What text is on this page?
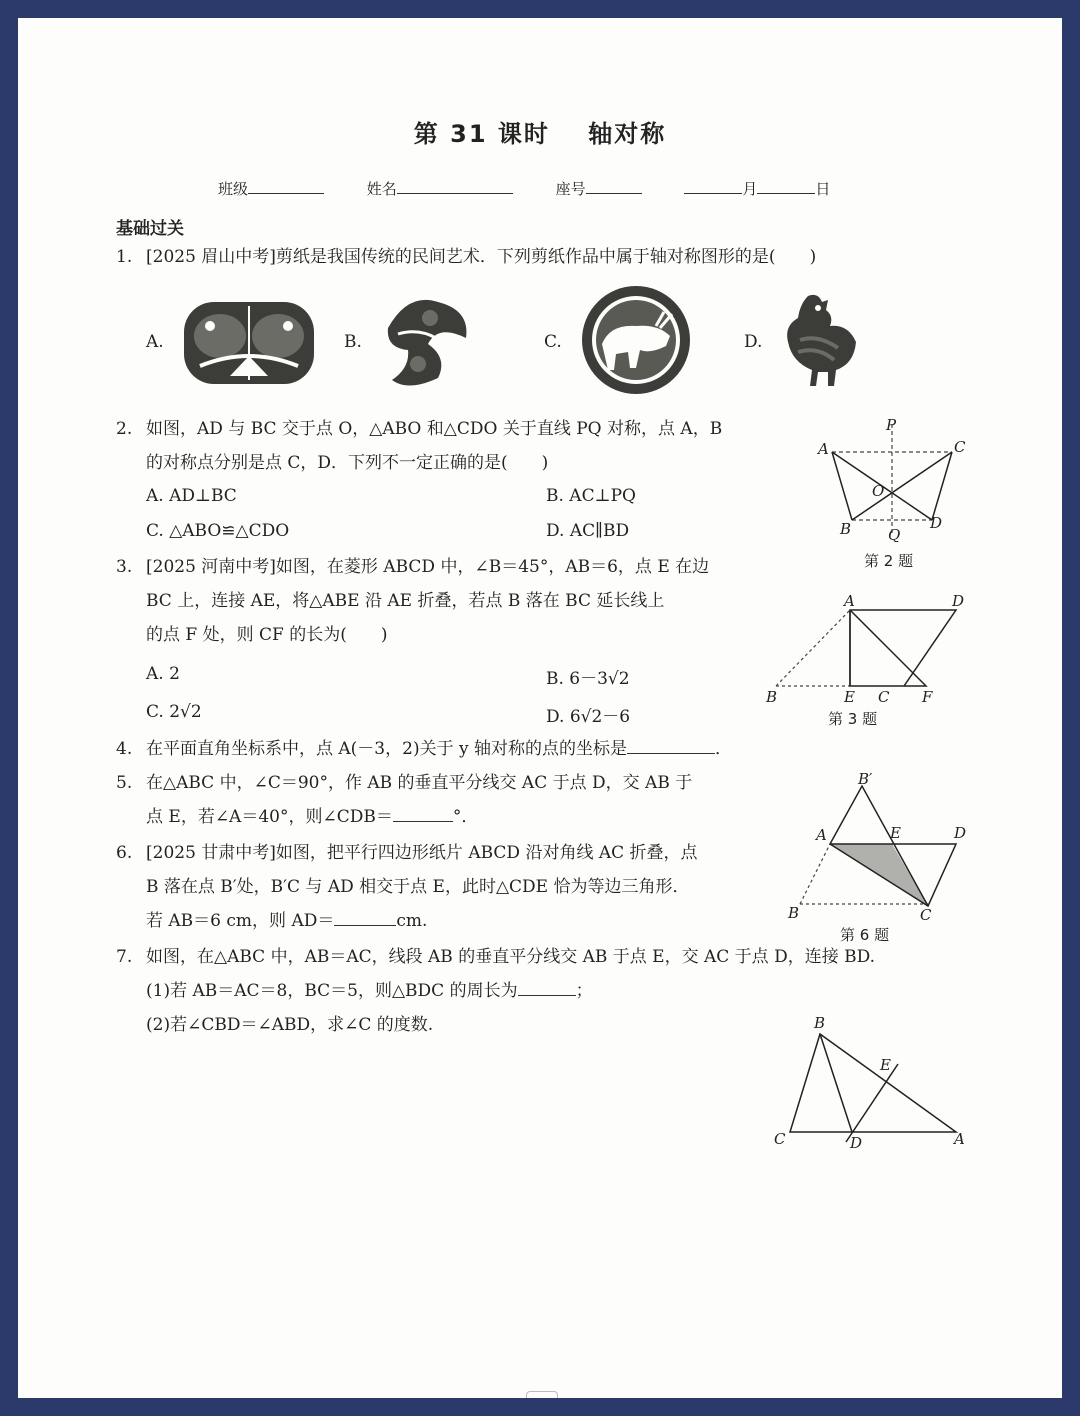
第 31 课时 轴对称
班级	姓名	座号	月	日
基础过关
1. [2025 眉山中考]剪纸是我国传统的民间艺术．下列剪纸作品中属于轴对称图形的是(　　)
A.	B.	C.	D.
2. 如图，AD 与 BC 交于点 O，△ABO 和△CDO 关于直线 PQ 对称，点 A，B
的对称点分别是点 C，D．下列不一定正确的是(　　)
A. AD⊥BC	B. AC⊥PQ
C. △ABO≌△CDO	D. AC∥BD
P
A	C
O
B Q
D
第 2 题
3. [2025 河南中考]如图，在菱形 ABCD 中，∠B＝45°，AB＝6，点 E 在边
BC 上，连接 AE，将△ABE 沿 AE 折叠，若点 B 落在 BC 延长线上
的点 F 处，则 CF 的长为(　　)
A. 2	B. 6－3√2
C. 2√2	D. 6√2－6
A	D
B	E C F
第 3 题
4. 在平面直角坐标系中，点 A(－3，2)关于 y 轴对称的点的坐标是	．
5. 在△ABC 中，∠C＝90°，作 AB 的垂直平分线交 AC 于点 D，交 AB 于
点 E，若∠A＝40°，则∠CDB＝	°．
6. [2025 甘肃中考]如图，把平行四边形纸片 ABCD 沿对角线 AC 折叠，点
B 落在点 B′处，B′C 与 AD 相交于点 E，此时△CDE 恰为等边三角形．
若 AB＝6 cm，则 AD＝	cm.
B′
A	E	D
B	C
第 6 题
7. 如图，在△ABC 中，AB＝AC，线段 AB 的垂直平分线交 AB 于点 E，交 AC 于点 D，连接 BD.
(1)若 AB＝AC＝8，BC＝5，则△BDC 的周长为	；
(2)若∠CBD＝∠ABD，求∠C 的度数.	B
E
C	D	A
